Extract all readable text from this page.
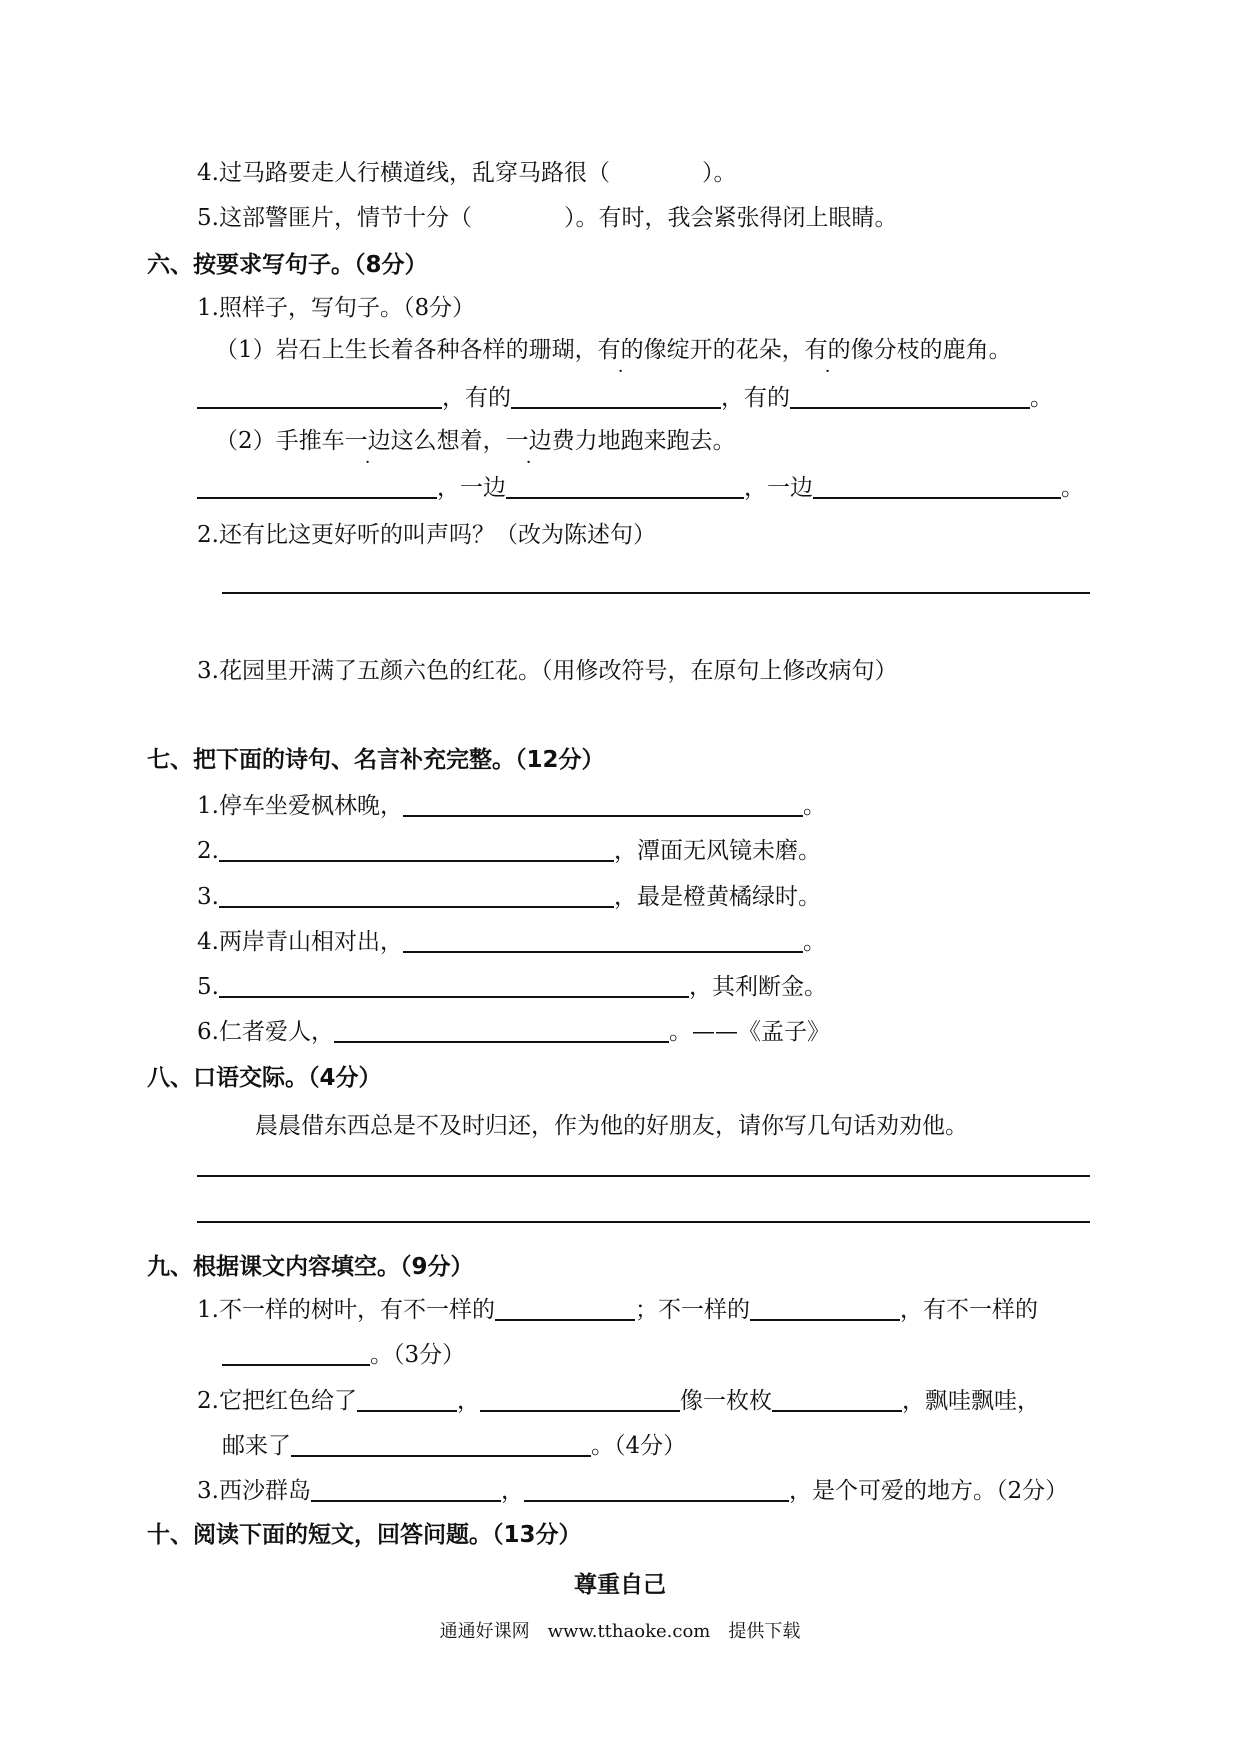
4.过马路要走人行横道线，乱穿马路很（　　　　）。
5.这部警匪片，情节十分（　　　　）。有时，我会紧张得闭上眼睛。
六、按要求写句子。（8分）
1.照样子，写句子。（8分）
（1）岩石上生长着各种各样的珊瑚，有的像绽开的花朵，有的像分枝的鹿角。
，有的	，有的	。
（2）手推车一边这么想着，一边费力地跑来跑去。
，一边	，一边	。
2.还有比这更好听的叫声吗？（改为陈述句）
3.花园里开满了五颜六色的红花。（用修改符号，在原句上修改病句）
七、把下面的诗句、名言补充完整。（12分）
1.停车坐爱枫林晚，	。
2.	，潭面无风镜未磨。
3.	，最是橙黄橘绿时。
4.两岸青山相对出，	。
5.	，其利断金。
6.仁者爱人，	。——《孟子》
八、口语交际。（4分）
晨晨借东西总是不及时归还，作为他的好朋友，请你写几句话劝劝他。
九、根据课文内容填空。（9分）
1.不一样的树叶，有不一样的	；不一样的	，有不一样的
。（3分）
2.它把红色给了	，	像一枚枚	，飘哇飘哇，
邮来了	。（4分）
3.西沙群岛	，	，是个可爱的地方。（2分）
十、阅读下面的短文，回答问题。（13分）
尊重自己
通通好课网　www.tthaoke.com　提供下载
